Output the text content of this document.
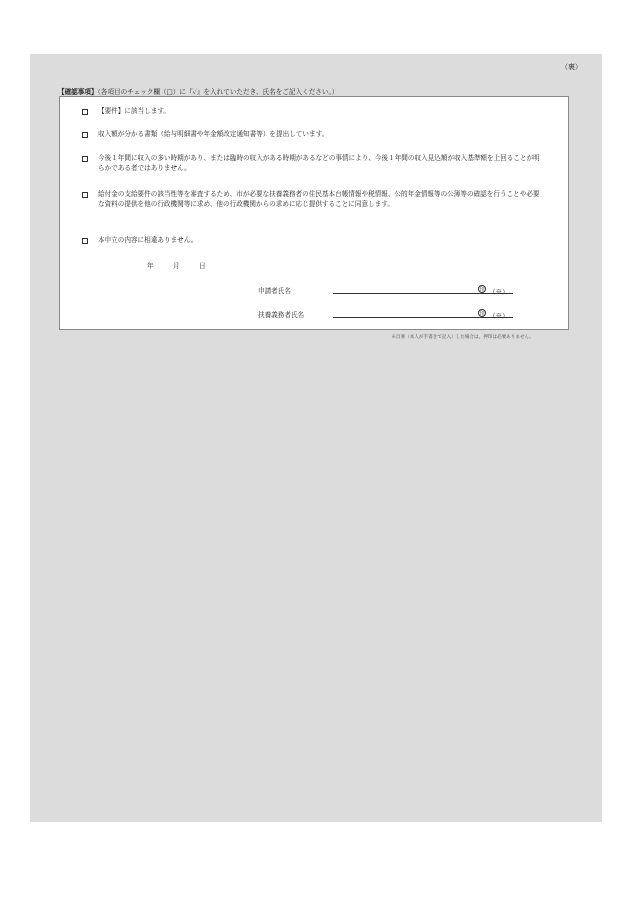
（裏）
【確認事項】（各項目のチェック欄（□）に『✓』を入れていただき、氏名をご記入ください。）
【要件】に該当します。
収入額が分かる書類（給与明細書や年金額改定通知書等）を提出しています。
今後１年間に収入の多い時期があり、または臨時の収入がある時期があるなどの事情により、今後１年間の収入見込額が収入基準額を上回ることが明らかである者ではありません。
給付金の支給要件の該当性等を審査するため、市が必要な扶養義務者の住民基本台帳情報や税情報、公的年金情報等の公簿等の確認を行うことや必要な資料の提供を他の行政機関等に求め、他の行政機関からの求めに応じ提供することに同意します。
本申立の内容に相違ありません。
年	月	日
申請者氏名	印 （※）
扶養義務者氏名	印 （※）
※自署（本人が手書きで記入）した場合は、押印は必要ありません。
